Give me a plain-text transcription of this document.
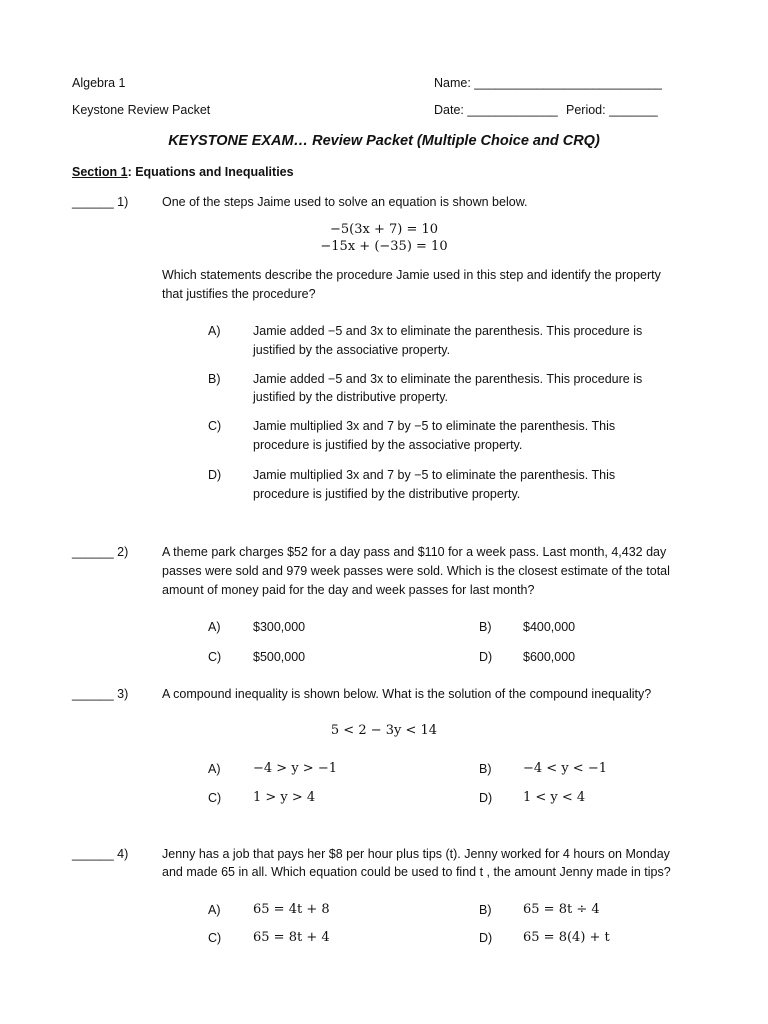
Algebra 1
Keystone Review Packet
Name: ___________________________
Date: _____________ Period: _______
KEYSTONE EXAM… Review Packet (Multiple Choice and CRQ)
Section 1: Equations and Inequalities
______ 1)	One of the steps Jaime used to solve an equation is shown below.
−5(3x + 7) = 10
−15x + (−35) = 10
Which statements describe the procedure Jamie used in this step and identify the property
that justifies the procedure?
A)	Jamie added −5 and 3x to eliminate the parenthesis. This procedure is
justified by the associative property.
B)	Jamie added −5 and 3x to eliminate the parenthesis. This procedure is
justified by the distributive property.
C)	Jamie multiplied 3x and 7 by −5 to eliminate the parenthesis. This
procedure is justified by the associative property.
D)	Jamie multiplied 3x and 7 by −5 to eliminate the parenthesis. This
procedure is justified by the distributive property.
______ 2)	A theme park charges $52 for a day pass and $110 for a week pass. Last month, 4,432 day
passes were sold and 979 week passes were sold. Which is the closest estimate of the total
amount of money paid for the day and week passes for last month?
A)	$300,000	B)	$400,000
C)	$500,000	D) $600,000
______ 3)	A compound inequality is shown below. What is the solution of the compound inequality?
5 < 2 − 3y < 14
A)	−4 > y > −1	B) −4 < y < −1
C) 1 > y > 4	D) 1 < y < 4
______ 4)	Jenny has a job that pays her $8 per hour plus tips (t). Jenny worked for 4 hours on Monday
and made 65 in all. Which equation could be used to find t , the amount Jenny made in tips?
A)	65 = 4t + 8	B) 65 = 8t ÷ 4
C) 65 = 8t + 4	D) 65 = 8(4) + t
